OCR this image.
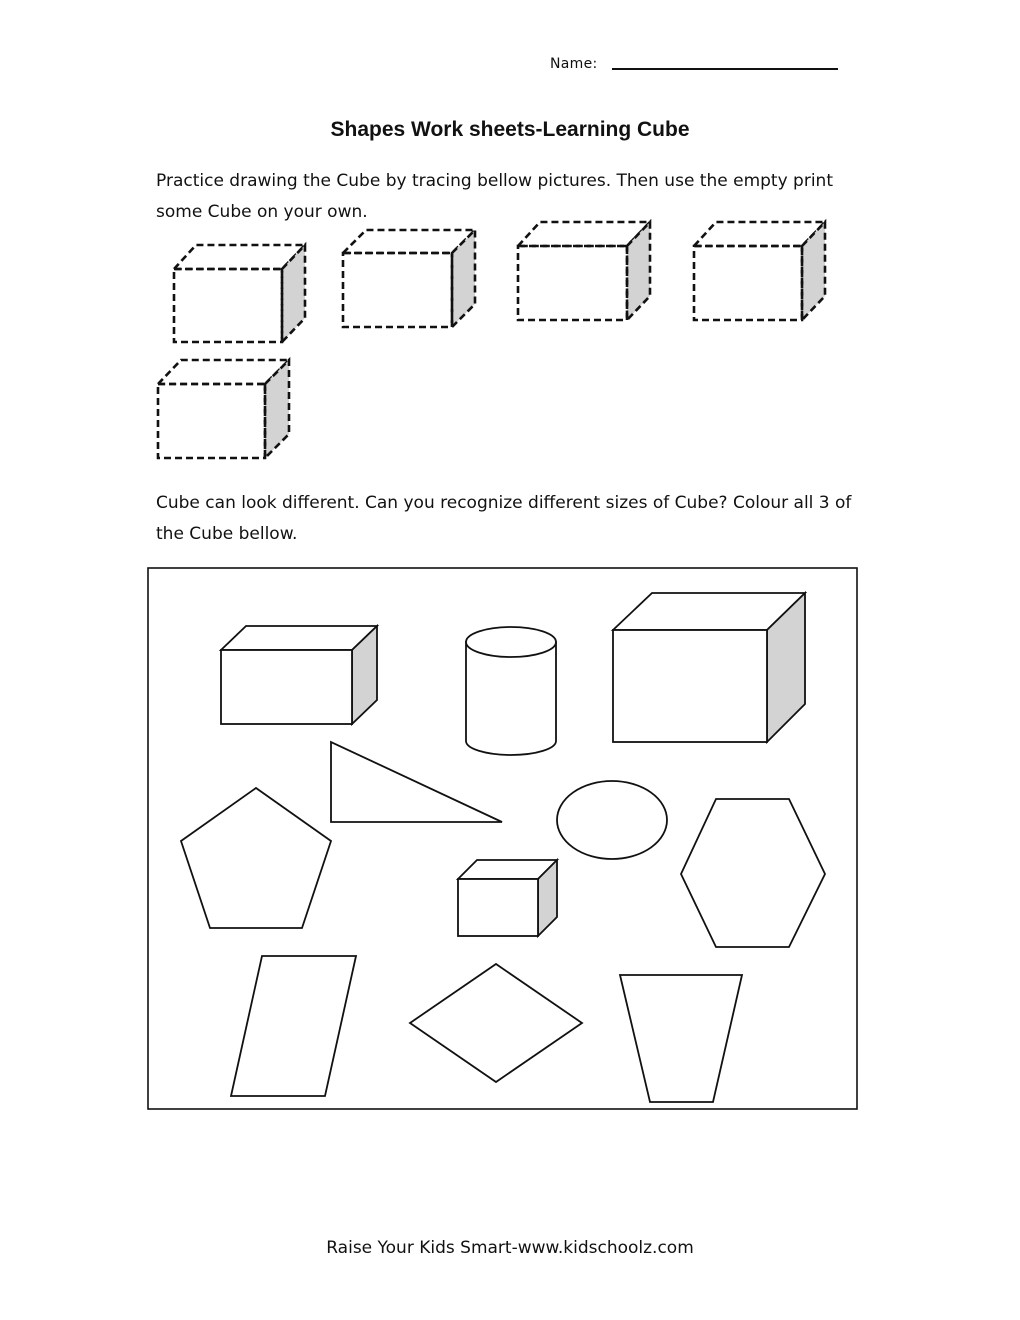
Name:
Shapes Work sheets-Learning Cube
Practice drawing the Cube by tracing bellow pictures. Then use the empty print some Cube on your own.
Cube can look different. Can you recognize different sizes of Cube? Colour all 3 of the Cube bellow.
Raise Your Kids Smart-www.kidschoolz.com
